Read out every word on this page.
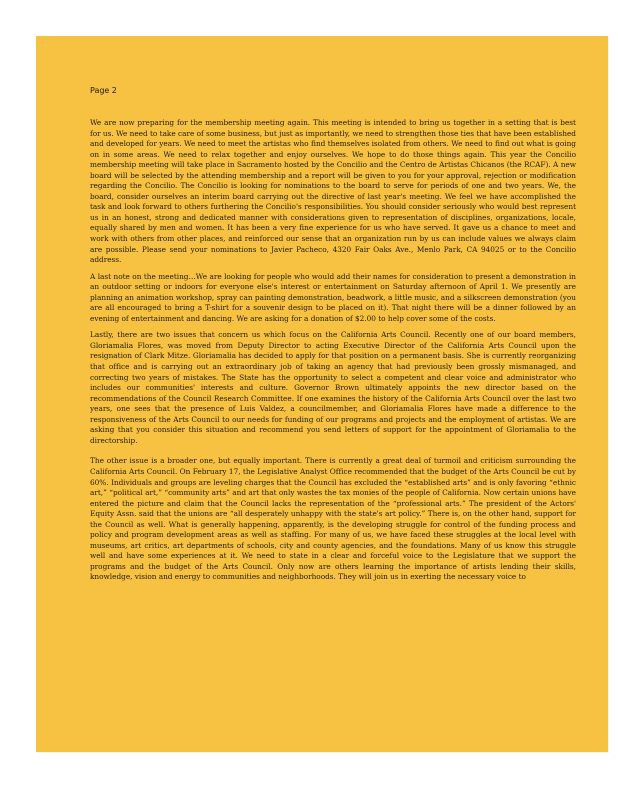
Page 2

We are now preparing for the membership meeting again. This meeting is intended to bring us together in a setting that is best for us. We need to take care of some business, but just as importantly, we need to strengthen those ties that have been established and developed for years. We need to meet the artistas who find themselves isolated from others. We need to find out what is going on in some areas. We need to relax together and enjoy ourselves. We hope to do those things again. This year the Concilio membership meeting will take place in Sacramento hosted by the Concilio and the Centro de Artistas Chicanos (the RCAF). A new board will be selected by the attending membership and a report will be given to you for your approval, rejection or modification regarding the Concilio. The Concilio is looking for nominations to the board to serve for periods of one and two years. We, the board, consider ourselves an interim board carrying out the directive of last year's meeting. We feel we have accomplished the task and look forward to others furthering the Concilio's responsibilities. You should consider seriously who would best represent us in an honest, strong and dedicated manner with considerations given to representation of disciplines, organizations, locale, equally shared by men and women. It has been a very fine experience for us who have served. It gave us a chance to meet and work with others from other places, and reinforced our sense that an organization run by us can include values we always claim are possible. Please send your nominations to Javier Pacheco, 4320 Fair Oaks Ave., Menlo Park, CA 94025 or to the Concilio address.

A last note on the meeting…We are looking for people who would add their names for consideration to present a demonstration in an outdoor setting or indoors for everyone else's interest or entertainment on Saturday afternoon of April 1. We presently are planning an animation workshop, spray can painting demonstration, beadwork, a little music, and a silkscreen demonstration (you are all encouraged to bring a T-shirt for a souvenir design to be placed on it). That night there will be a dinner followed by an evening of entertainment and dancing. We are asking for a donation of $2.00 to help cover some of the costs.

Lastly, there are two issues that concern us which focus on the California Arts Council. Recently one of our board members, Gloriamalia Flores, was moved from Deputy Director to acting Executive Director of the California Arts Council upon the resignation of Clark Mitze. Gloriamalia has decided to apply for that position on a permanent basis. She is currently reorganizing that office and is carrying out an extraordinary job of taking an agency that had previously been grossly mismanaged, and correcting two years of mistakes. The State has the opportunity to select a competent and clear voice and administrator who includes our communities' interests and culture. Governor Brown ultimately appoints the new director based on the recommendations of the Council Research Committee. If one examines the history of the California Arts Council over the last two years, one sees that the presence of Luis Valdez, a councilmember, and Gloriamalia Flores have made a difference to the responsiveness of the Arts Council to our needs for funding of our programs and projects and the employment of artistas. We are asking that you consider this situation and recommend you send letters of support for the appointment of Gloriamalia to the directorship.

The other issue is a broader one, but equally important. There is currently a great deal of turmoil and criticism surrounding the California Arts Council. On February 17, the Legislative Analyst Office recommended that the budget of the Arts Council be cut by 60%. Individuals and groups are leveling charges that the Council has excluded the “established arts” and is only favoring “ethnic art,” “political art,” “community arts” and art that only wastes the tax monies of the people of California. Now certain unions have entered the picture and claim that the Council lacks the representation of the “professional arts.” The president of the Actors' Equity Assn. said that the unions are “all desperately unhappy with the state's art policy.” There is, on the other hand, support for the Council as well. What is generally happening, apparently, is the developing struggle for control of the funding process and policy and program development areas as well as staffing. For many of us, we have faced these struggles at the local level with museums, art critics, art departments of schools, city and county agencies, and the foundations. Many of us know this struggle well and have some experiences at it. We need to state in a clear and forceful voice to the Legislature that we support the programs and the budget of the Arts Council. Only now are others learning the importance of artists lending their skills, knowledge, vision and energy to communities and neighborhoods. They will join us in exerting the necessary voice to
